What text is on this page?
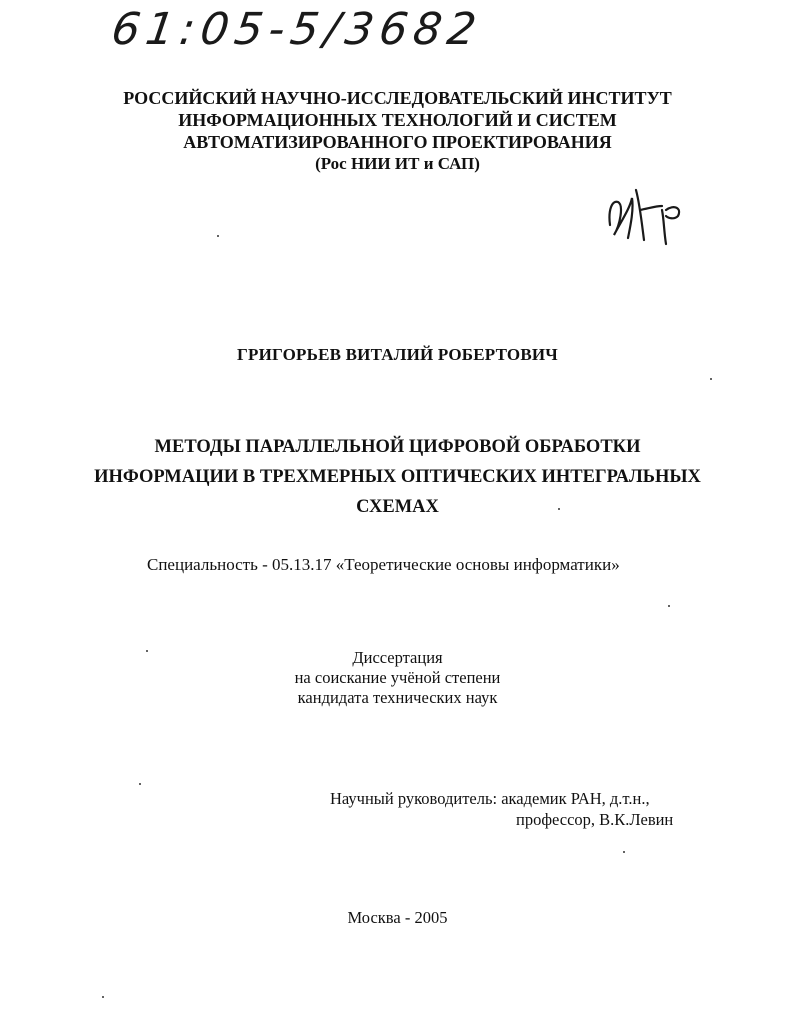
61:05-5/3682

РОССИЙСКИЙ НАУЧНО-ИССЛЕДОВАТЕЛЬСКИЙ ИНСТИТУТ

ИНФОРМАЦИОННЫХ ТЕХНОЛОГИЙ И СИСТЕМ

АВТОМАТИЗИРОВАННОГО ПРОЕКТИРОВАНИЯ

(Рос НИИ ИТ и САП)

ГРИГОРЬЕВ ВИТАЛИЙ РОБЕРТОВИЧ

МЕТОДЫ ПАРАЛЛЕЛЬНОЙ ЦИФРОВОЙ ОБРАБОТКИ

ИНФОРМАЦИИ В ТРЕХМЕРНЫХ ОПТИЧЕСКИХ ИНТЕГРАЛЬНЫХ

СХЕМАХ

Специальность - 05.13.17 «Теоретические основы информатики»

Диссертация

на соискание учёной степени

кандидата технических наук

Научный руководитель: академик РАН, д.т.н.,
профессор, В.К.Левин
Москва - 2005
